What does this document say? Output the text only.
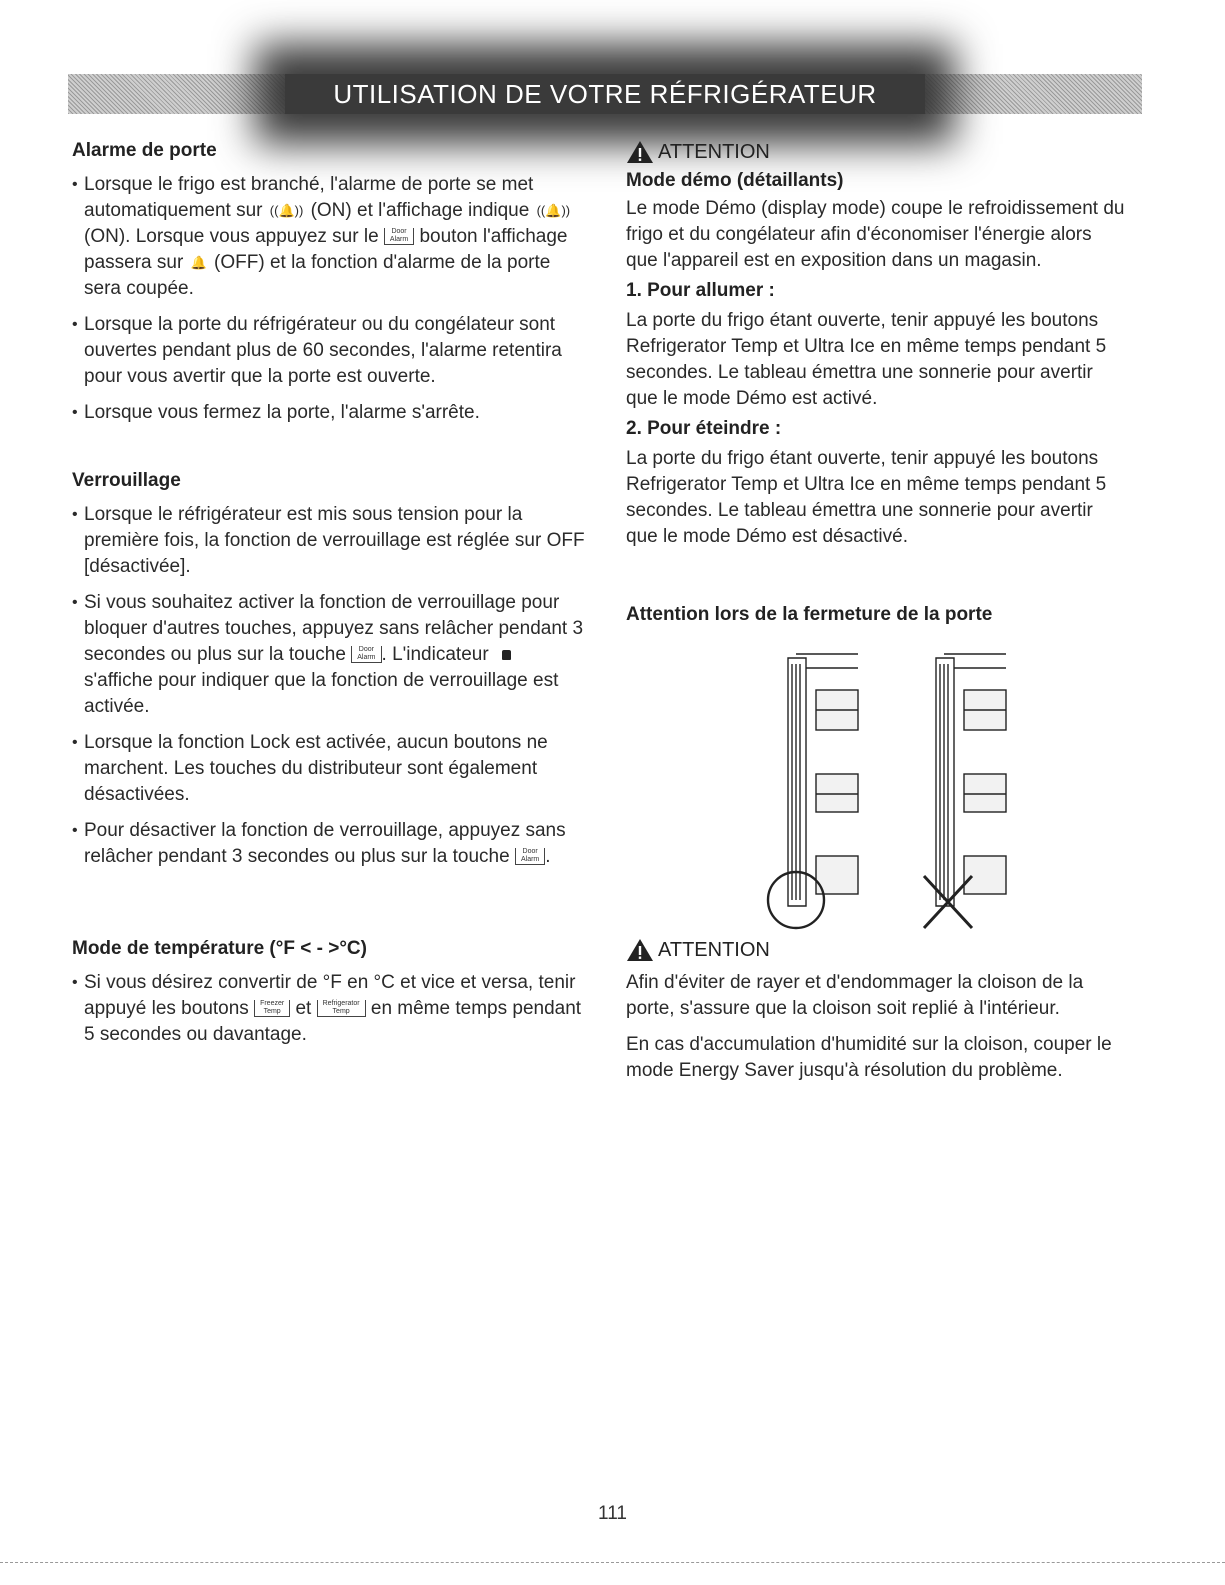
UTILISATION DE VOTRE RÉFRIGÉRATEUR
Alarme de porte
• Lorsque le frigo est branché, l'alarme de porte se met automatiquement sur ((🔔)) (ON) et l'affichage indique ((🔔)) (ON). Lorsque vous appuyez sur le Door
Alarm bouton l'affichage passera sur 🔔 (OFF) et la fonction d'alarme de la porte sera coupée.
• Lorsque la porte du réfrigérateur ou du congélateur sont ouvertes pendant plus de 60 secondes, l'alarme retentira pour vous avertir que la porte est ouverte.
• Lorsque vous fermez la porte, l'alarme s'arrête.
Verrouillage
• Lorsque le réfrigérateur est mis sous tension pour la première fois, la fonction de verrouillage est réglée sur OFF [désactivée].
• Si vous souhaitez activer la fonction de verrouillage pour bloquer d'autres touches, appuyez sans relâcher pendant 3 secondes ou plus sur la touche Door
Alarm . L'indicateur  s'affiche pour indiquer que la fonction de verrouillage est activée.
• Lorsque la fonction Lock est activée, aucun boutons ne marchent. Les touches du distributeur sont également désactivées.
• Pour désactiver la fonction de verrouillage, appuyez sans relâcher pendant 3 secondes ou plus sur la touche Door
Alarm .
Mode de température (°F < - >°C)
• Si vous désirez convertir de °F en °C et vice et versa, tenir appuyé les boutons Freezer
Temp et Refrigerator
Temp en même temps pendant 5 secondes ou davantage.
ATTENTION
Mode démo (détaillants)

Le mode Démo (display mode) coupe le refroidissement du frigo et du congélateur afin d'économiser l'énergie alors que l'appareil est en exposition dans un magasin.

1. Pour allumer :

La porte du frigo étant ouverte, tenir appuyé les boutons Refrigerator Temp et Ultra Ice en même temps pendant 5 secondes. Le tableau émettra une sonnerie pour avertir que le mode Démo est activé.

2. Pour éteindre :

La porte du frigo étant ouverte, tenir appuyé les boutons Refrigerator Temp et Ultra Ice en même temps pendant 5 secondes. Le tableau émettra une sonnerie pour avertir que le mode Démo est désactivé.

Attention lors de la fermeture de la porte
ATTENTION

Afin d'éviter de rayer et d'endommager la cloison de la porte, s'assure que la cloison soit replié à l'intérieur.

En cas d'accumulation d'humidité sur la cloison, couper le mode Energy Saver jusqu'à résolution du problème.

111
